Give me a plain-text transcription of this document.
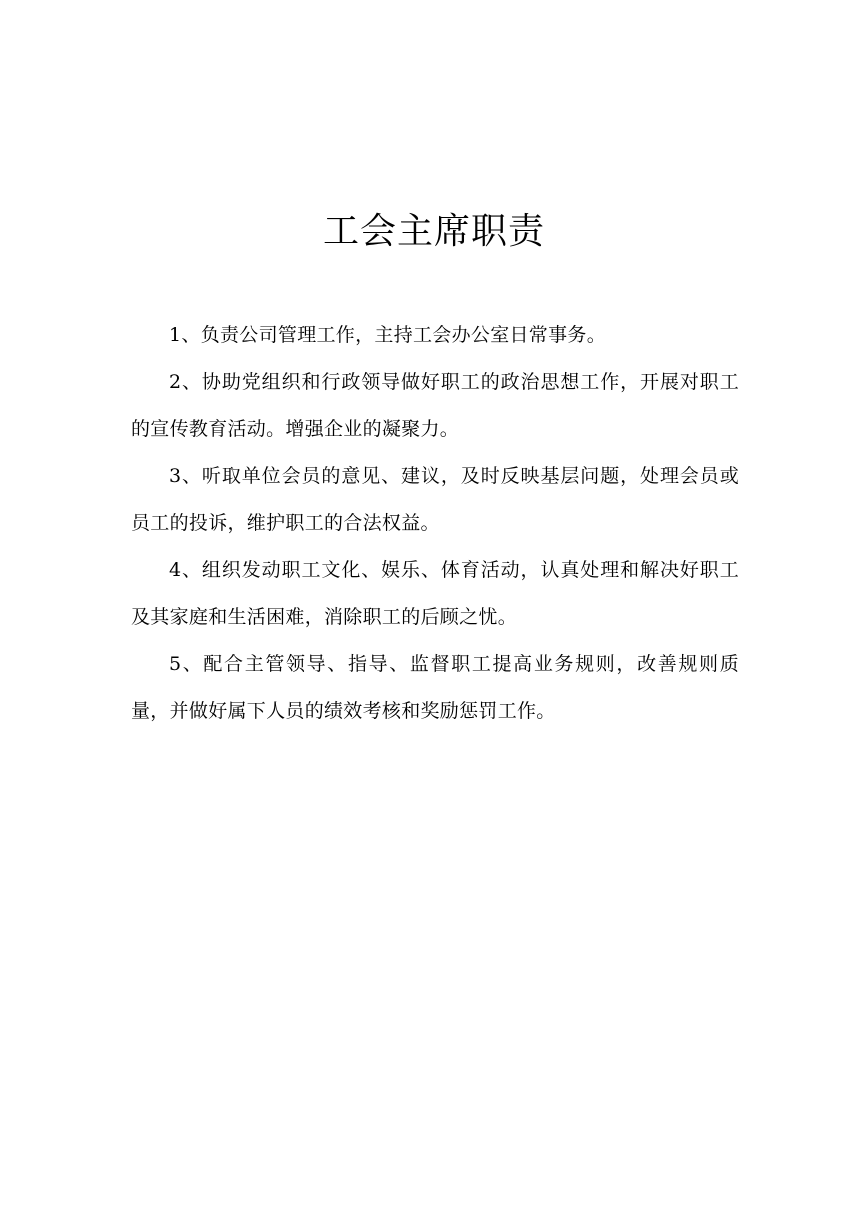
工会主席职责

1、负责公司管理工作，主持工会办公室日常事务。

2、协助党组织和行政领导做好职工的政治思想工作，开展对职工的宣传教育活动。增强企业的凝聚力。

3、听取单位会员的意见、建议，及时反映基层问题，处理会员或员工的投诉，维护职工的合法权益。

4、组织发动职工文化、娱乐、体育活动，认真处理和解决好职工及其家庭和生活困难，消除职工的后顾之忧。

5、配合主管领导、指导、监督职工提高业务规则，改善规则质量，并做好属下人员的绩效考核和奖励惩罚工作。
